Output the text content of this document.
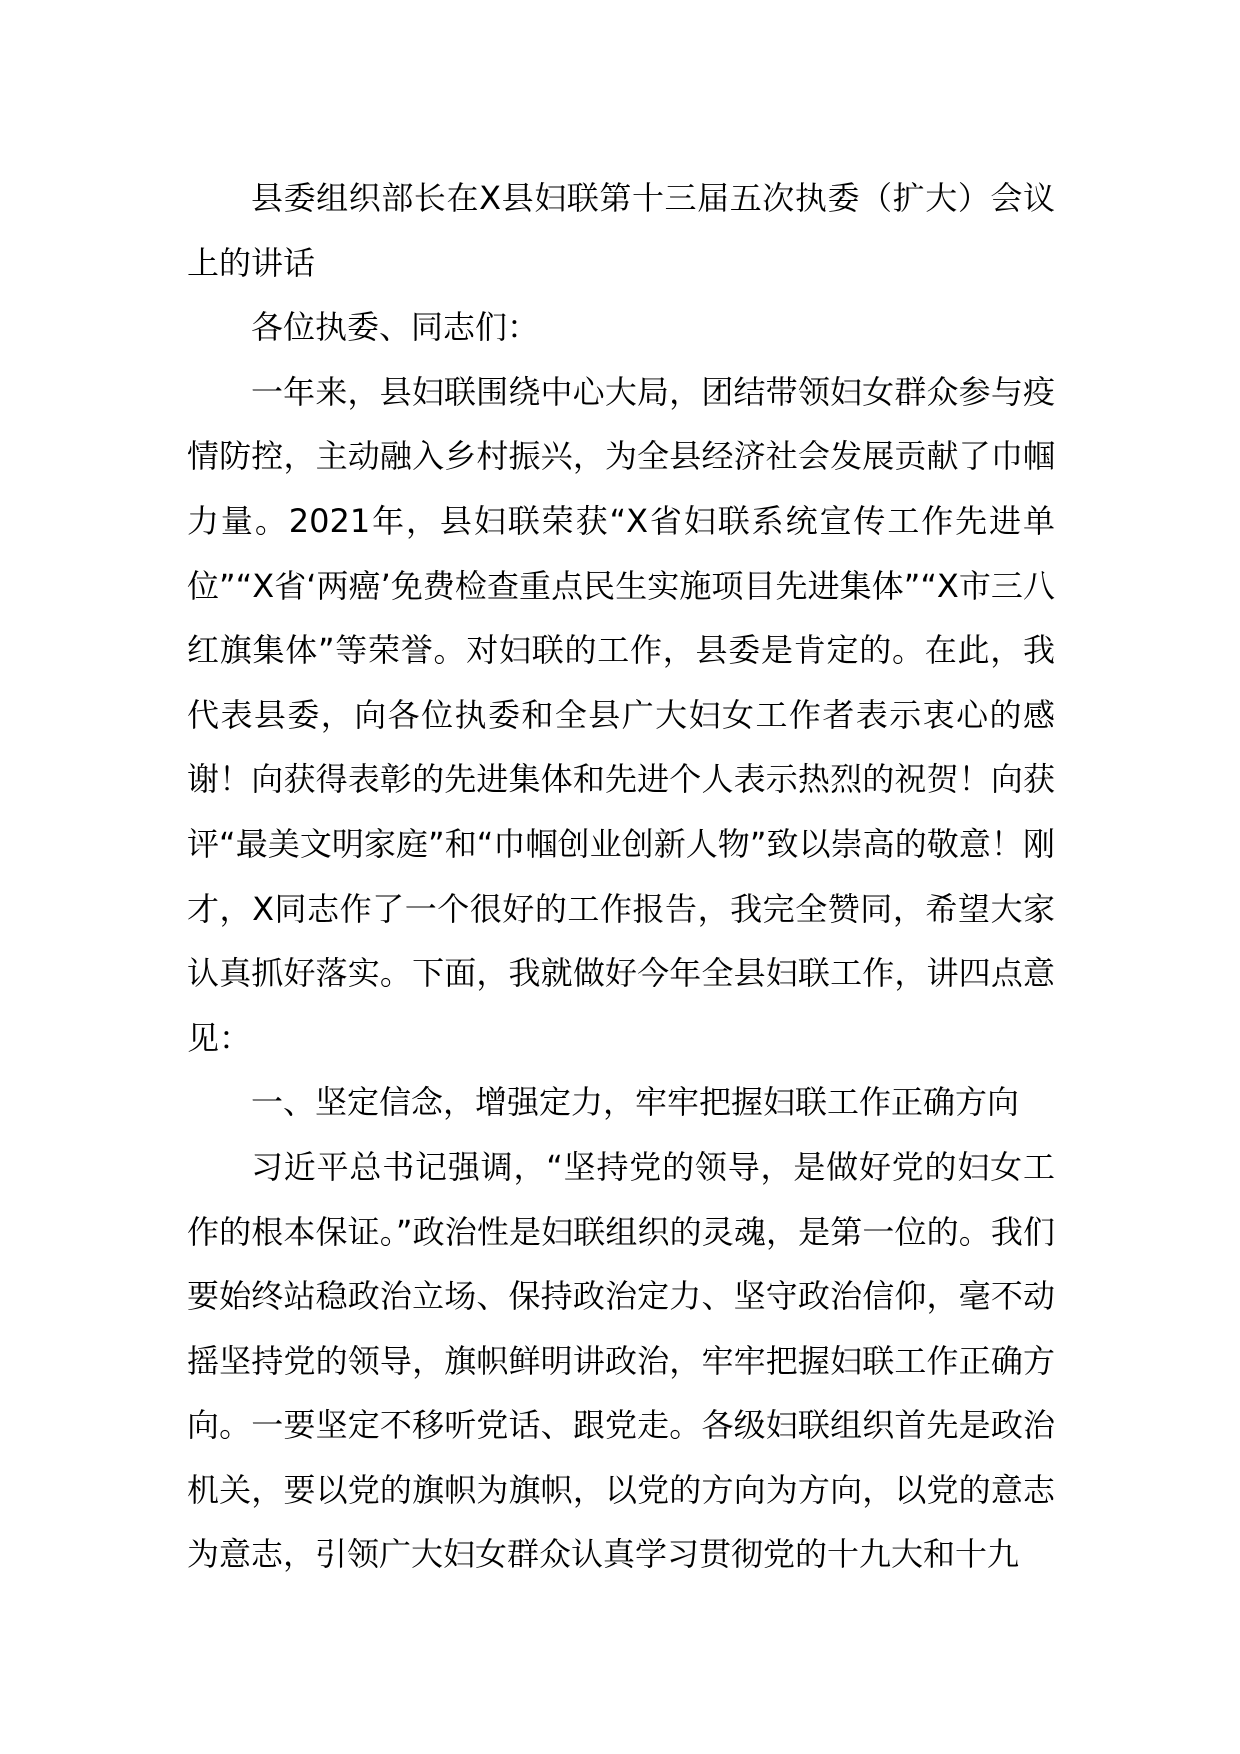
县委组织部长在X县妇联第十三届五次执委（扩大）会议上的讲话

各位执委、同志们：

一年来，县妇联围绕中心大局，团结带领妇女群众参与疫情防控，主动融入乡村振兴，为全县经济社会发展贡献了巾帼力量。2021年，县妇联荣获“X省妇联系统宣传工作先进单位”“X省‘两癌’免费检查重点民生实施项目先进集体”“X市三八红旗集体”等荣誉。对妇联的工作，县委是肯定的。在此，我代表县委，向各位执委和全县广大妇女工作者表示衷心的感谢！向获得表彰的先进集体和先进个人表示热烈的祝贺！向获评“最美文明家庭”和“巾帼创业创新人物”致以崇高的敬意！刚才，X同志作了一个很好的工作报告，我完全赞同，希望大家认真抓好落实。下面，我就做好今年全县妇联工作，讲四点意见：

一、坚定信念，增强定力，牢牢把握妇联工作正确方向

习近平总书记强调，“坚持党的领导，是做好党的妇女工作的根本保证。”政治性是妇联组织的灵魂，是第一位的。我们要始终站稳政治立场、保持政治定力、坚守政治信仰，毫不动摇坚持党的领导，旗帜鲜明讲政治，牢牢把握妇联工作正确方向。一要坚定不移听党话、跟党走。各级妇联组织首先是政治机关，要以党的旗帜为旗帜，以党的方向为方向，以党的意志为意志，引领广大妇女群众认真学习贯彻党的十九大和十九
